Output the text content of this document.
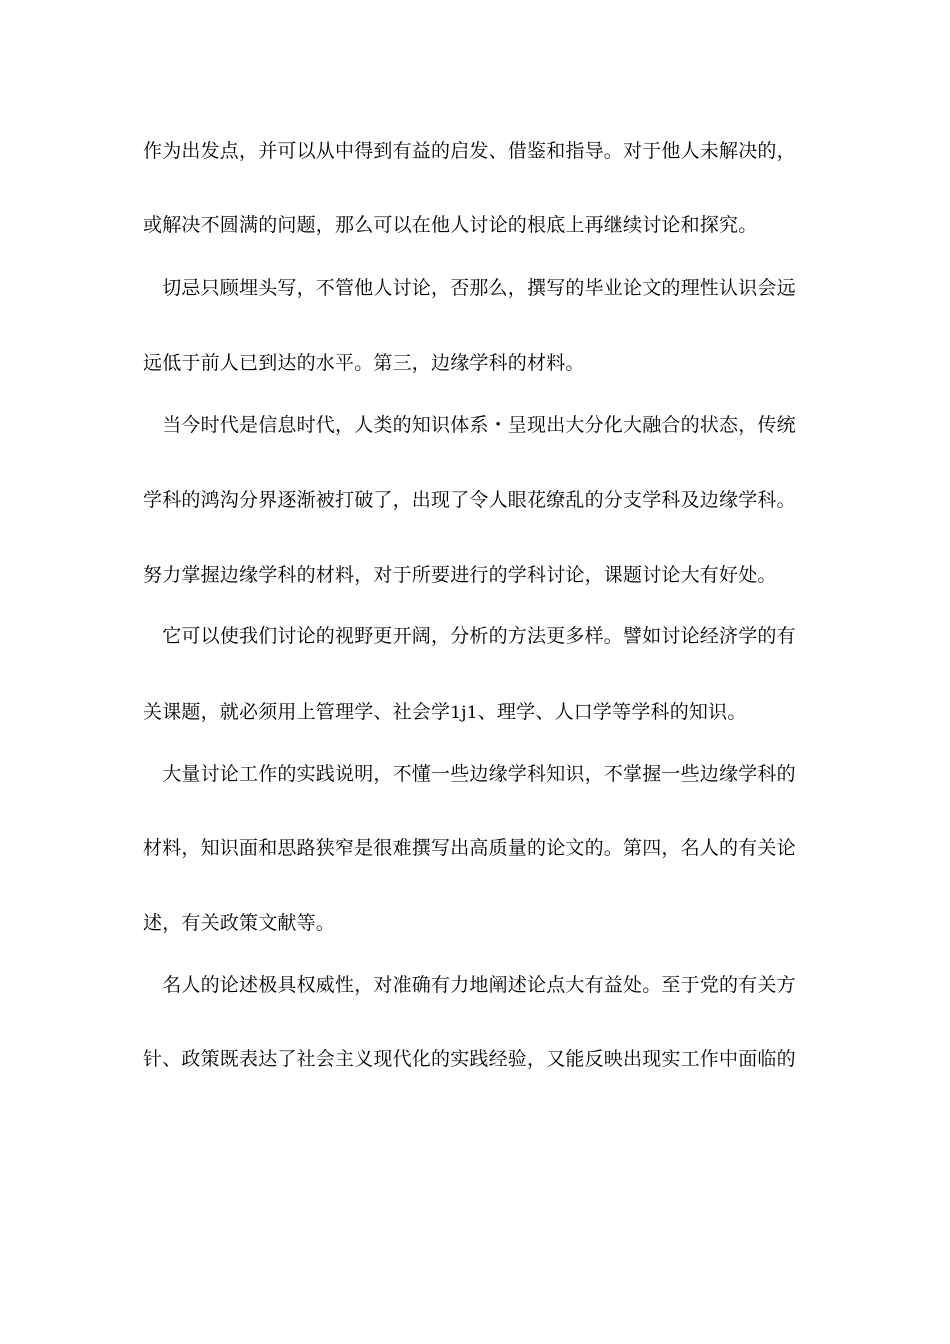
作为出发点，并可以从中得到有益的启发、借鉴和指导。对于他人未解决的，
或解决不圆满的问题，那么可以在他人讨论的根底上再继续讨论和探究。
　切忌只顾埋头写，不管他人讨论，否那么，撰写的毕业论文的理性认识会远
远低于前人已到达的水平。第三，边缘学科的材料。
　当今时代是信息时代，人类的知识体系・呈现出大分化大融合的状态，传统
学科的鸿沟分界逐渐被打破了，出现了令人眼花缭乱的分支学科及边缘学科。
努力掌握边缘学科的材料，对于所要进行的学科讨论，课题讨论大有好处。
　它可以使我们讨论的视野更开阔，分析的方法更多样。譬如讨论经济学的有
关课题，就必须用上管理学、社会学1j1、理学、人口学等学科的知识。
　大量讨论工作的实践说明，不懂一些边缘学科知识，不掌握一些边缘学科的
材料，知识面和思路狭窄是很难撰写出高质量的论文的。第四，名人的有关论
述，有关政策文献等。
　名人的论述极具权威性，对准确有力地阐述论点大有益处。至于党的有关方
针、政策既表达了社会主义现代化的实践经验，又能反映出现实工作中面临的
